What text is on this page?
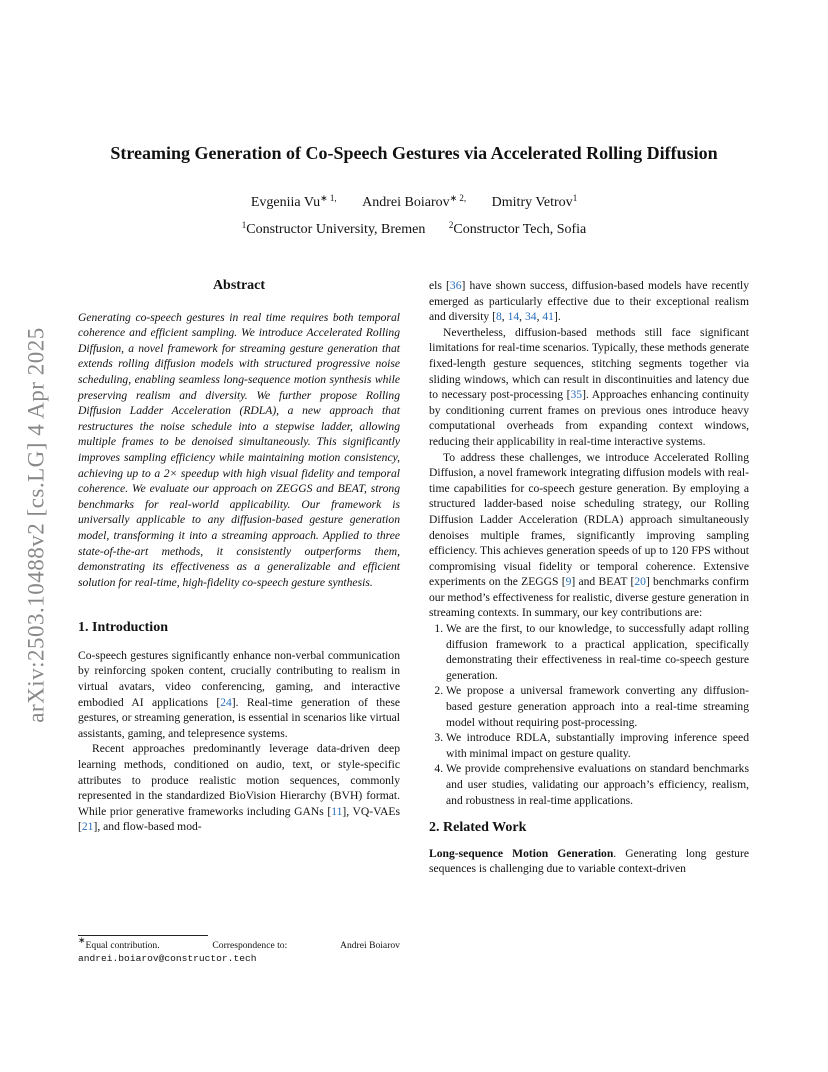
arXiv:2503.10488v2 [cs.LG] 4 Apr 2025
Streaming Generation of Co-Speech Gestures via Accelerated Rolling Diffusion
Evgeniia $Vu^{∗ 1,}$ Andrei Boiarov$^{∗ 2,}$ Dmitry Vetrov$^1$
$^1$Constructor University, Bremen	$^2$Constructor Tech, Sofia
Abstract

Generating co-speech gestures in real time requires both temporal coherence and efficient sampling. We introduce Accelerated Rolling Diffusion, a novel framework for streaming gesture generation that extends rolling diffusion models with structured progressive noise scheduling, enabling seamless long-sequence motion synthesis while preserving realism and diversity. We further propose Rolling Diffusion Ladder Acceleration (RDLA), a new approach that restructures the noise schedule into a stepwise ladder, allowing multiple frames to be denoised simultaneously. This significantly improves sampling efficiency while maintaining motion consistency, achieving up to a 2× speedup with high visual fidelity and temporal coherence. We evaluate our approach on ZEGGS and BEAT, strong benchmarks for real-world applicability. Our framework is universally applicable to any diffusion-based gesture generation model, transforming it into a streaming approach. Applied to three state-of-the-art methods, it consistently outperforms them, demonstrating its effectiveness as a generalizable and efficient solution for real-time, high-fidelity co-speech gesture synthesis.

1. Introduction

Co-speech gestures significantly enhance non-verbal communication by reinforcing spoken content, crucially contributing to realism in virtual avatars, video conferencing, gaming, and interactive embodied AI applications [24]. Real-time generation of these gestures, or streaming generation, is essential in scenarios like virtual assistants, gaming, and telepresence systems.

Recent approaches predominantly leverage data-driven deep learning methods, conditioned on audio, text, or style-specific attributes to produce realistic motion sequences, commonly represented in the standardized BioVision Hierarchy (BVH) format. While prior generative frameworks including GANs [11], VQ-VAEs [21], and flow-based mod-

∗Equal contribution.	Correspondence to:	Andrei Boiarov
andrei.boiarov@constructor.tech

els [36] have shown success, diffusion-based models have recently emerged as particularly effective due to their exceptional realism and diversity [8, 14, 34, 41].

Nevertheless, diffusion-based methods still face significant limitations for real-time scenarios. Typically, these methods generate fixed-length gesture sequences, stitching segments together via sliding windows, which can result in discontinuities and latency due to necessary post-processing [35]. Approaches enhancing continuity by conditioning current frames on previous ones introduce heavy computational overheads from expanding context windows, reducing their applicability in real-time interactive systems.

To address these challenges, we introduce Accelerated Rolling Diffusion, a novel framework integrating diffusion models with real-time capabilities for co-speech gesture generation. By employing a structured ladder-based noise scheduling strategy, our Rolling Diffusion Ladder Acceleration (RDLA) approach simultaneously denoises multiple frames, significantly improving sampling efficiency. This achieves generation speeds of up to 120 FPS without compromising visual fidelity or temporal coherence. Extensive experiments on the ZEGGS [9] and BEAT [20] benchmarks confirm our method’s effectiveness for realistic, diverse gesture generation in streaming contexts. In summary, our key contributions are:

1. We are the first, to our knowledge, to successfully adapt rolling diffusion framework to a practical application, specifically demonstrating their effectiveness in real-time co-speech gesture generation.
2. We propose a universal framework converting any diffusion-based gesture generation approach into a real-time streaming model without requiring post-processing.
3. We introduce RDLA, substantially improving inference speed with minimal impact on gesture quality.
4. We provide comprehensive evaluations on standard benchmarks and user studies, validating our approach’s efficiency, realism, and robustness in real-time applications.
2. Related Work

Long-sequence Motion Generation. Generating long gesture sequences is challenging due to variable context-driven
